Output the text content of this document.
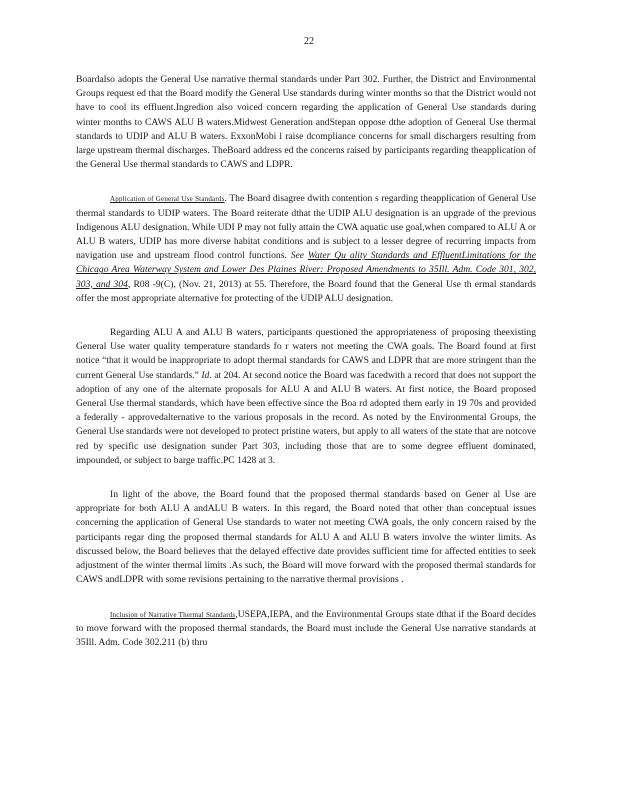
22

Boardalso adopts the General Use narrative thermal standards under Part 302. Further, the District and Environmental Groups request ed that the Board modify the General Use standards during winter months so that the District would not have to cool its effluent.Ingredion also voiced concern regarding the application of General Use standards during winter months to CAWS ALU B waters.Midwest Generation andStepan oppose dthe adoption of General Use thermal standards to UDIP and ALU B waters. ExxonMobi l raise dcompliance concerns for small dischargers resulting from large upstream thermal discharges. TheBoard address ed the concerns raised by participants regarding theapplication of the General Use thermal standards to CAWS and LDPR.

Application of General Use Standards. The Board disagree dwith contention s regarding theapplication of General Use thermal standards to UDIP waters. The Board reiterate dthat the UDIP ALU designation is an upgrade of the previous Indigenous ALU designation. While UDI P may not fully attain the CWA aquatic use goal,when compared to ALU A or ALU B waters, UDIP has more diverse habitat conditions and is subject to a lesser degree of recurring impacts from navigation use and upstream flood control functions. See Water Qu ality Standards and EffluentLimitations for the Chicago Area Waterway System and Lower Des Plaines River: Proposed Amendments to 35Ill. Adm. Code 301, 302, 303, and 304, R08 -9(C), (Nov. 21, 2013) at 55. Therefore, the Board found that the General Use th ermal standards offer the most appropriate alternative for protecting of the UDIP ALU designation.

Regarding ALU A and ALU B waters, participants questioned the appropriateness of proposing theexisting General Use water quality temperature standards fo r waters not meeting the CWA goals. The Board found at first notice “that it would be inappropriate to adopt thermal standards for CAWS and LDPR that are more stringent than the current General Use standards.” Id. at 204. At second notice the Board was facedwith a record that does not support the adoption of any one of the alternate proposals for ALU A and ALU B waters. At first notice, the Board proposed General Use thermal standards, which have been effective since the Boa rd adopted them early in 19 70s and provided a federally - approvedalternative to the various proposals in the record. As noted by the Environmental Groups, the General Use standards were not developed to protect pristine waters, but apply to all waters of the state that are notcove red by specific use designation sunder Part 303, including those that are to some degree effluent dominated, impounded, or subject to barge traffic.PC 1428 at 3.

In light of the above, the Board found that the proposed thermal standards based on Gener al Use are appropriate for both ALU A andALU B waters. In this regard, the Board noted that other than conceptual issues concerning the application of General Use standards to water not meeting CWA goals, the only concern raised by the participants regar ding the proposed thermal standards for ALU A and ALU B waters involve the winter limits. As discussed below, the Board believes that the delayed effective date provides sufficient time for affected entities to seek adjustment of the winter thermal limits .As such, the Board will move forward with the proposed thermal standards for CAWS andLDPR with some revisions pertaining to the narrative thermal provisions .

Inclusion of Narrative Thermal Standards,USEPA,IEPA, and the Environmental Groups state dthat if the Board decides to move forward with the proposed thermal standards, the Board must include the General Use narrative standards at 35Ill. Adm. Code 302.211 (b) thru
